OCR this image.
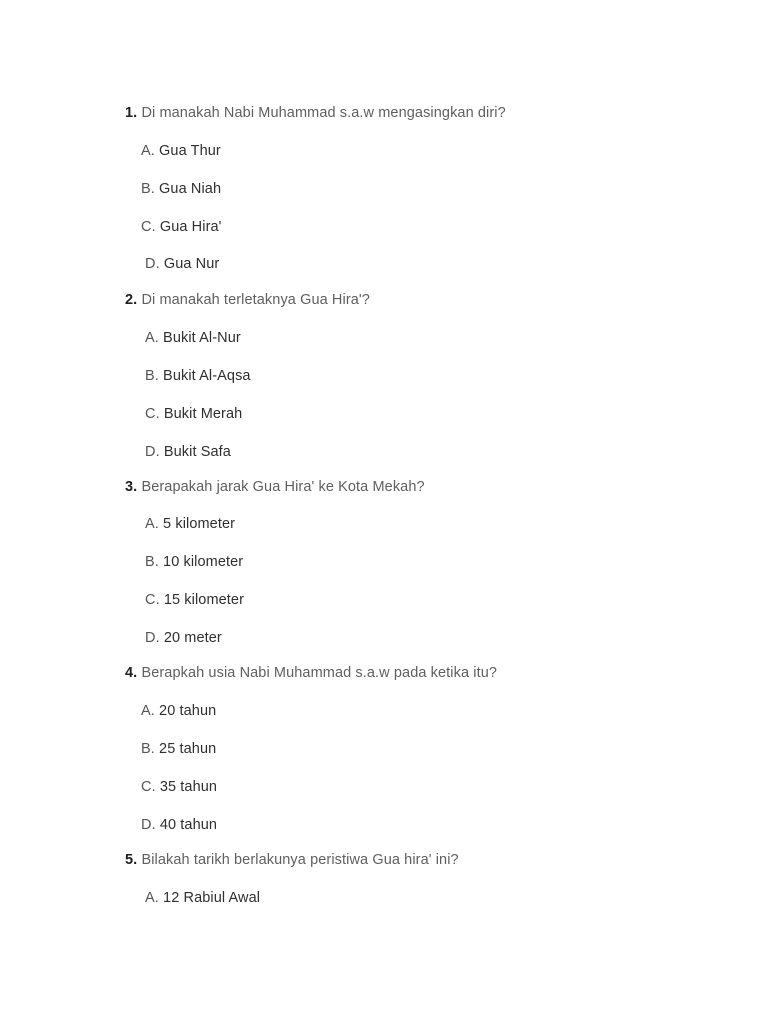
1. Di manakah Nabi Muhammad s.a.w mengasingkan diri?
A. Gua Thur
B. Gua Niah
C. Gua Hira'
D. Gua Nur
2. Di manakah terletaknya Gua Hira'?
A. Bukit Al-Nur
B. Bukit Al-Aqsa
C. Bukit Merah
D. Bukit Safa
3. Berapakah jarak Gua Hira' ke Kota Mekah?
A. 5 kilometer
B. 10 kilometer
C. 15 kilometer
D. 20 meter
4. Berapkah usia Nabi Muhammad s.a.w pada ketika itu?
A. 20 tahun
B. 25 tahun
C. 35 tahun
D. 40 tahun
5. Bilakah tarikh berlakunya peristiwa Gua hira' ini?
A. 12 Rabiul Awal
